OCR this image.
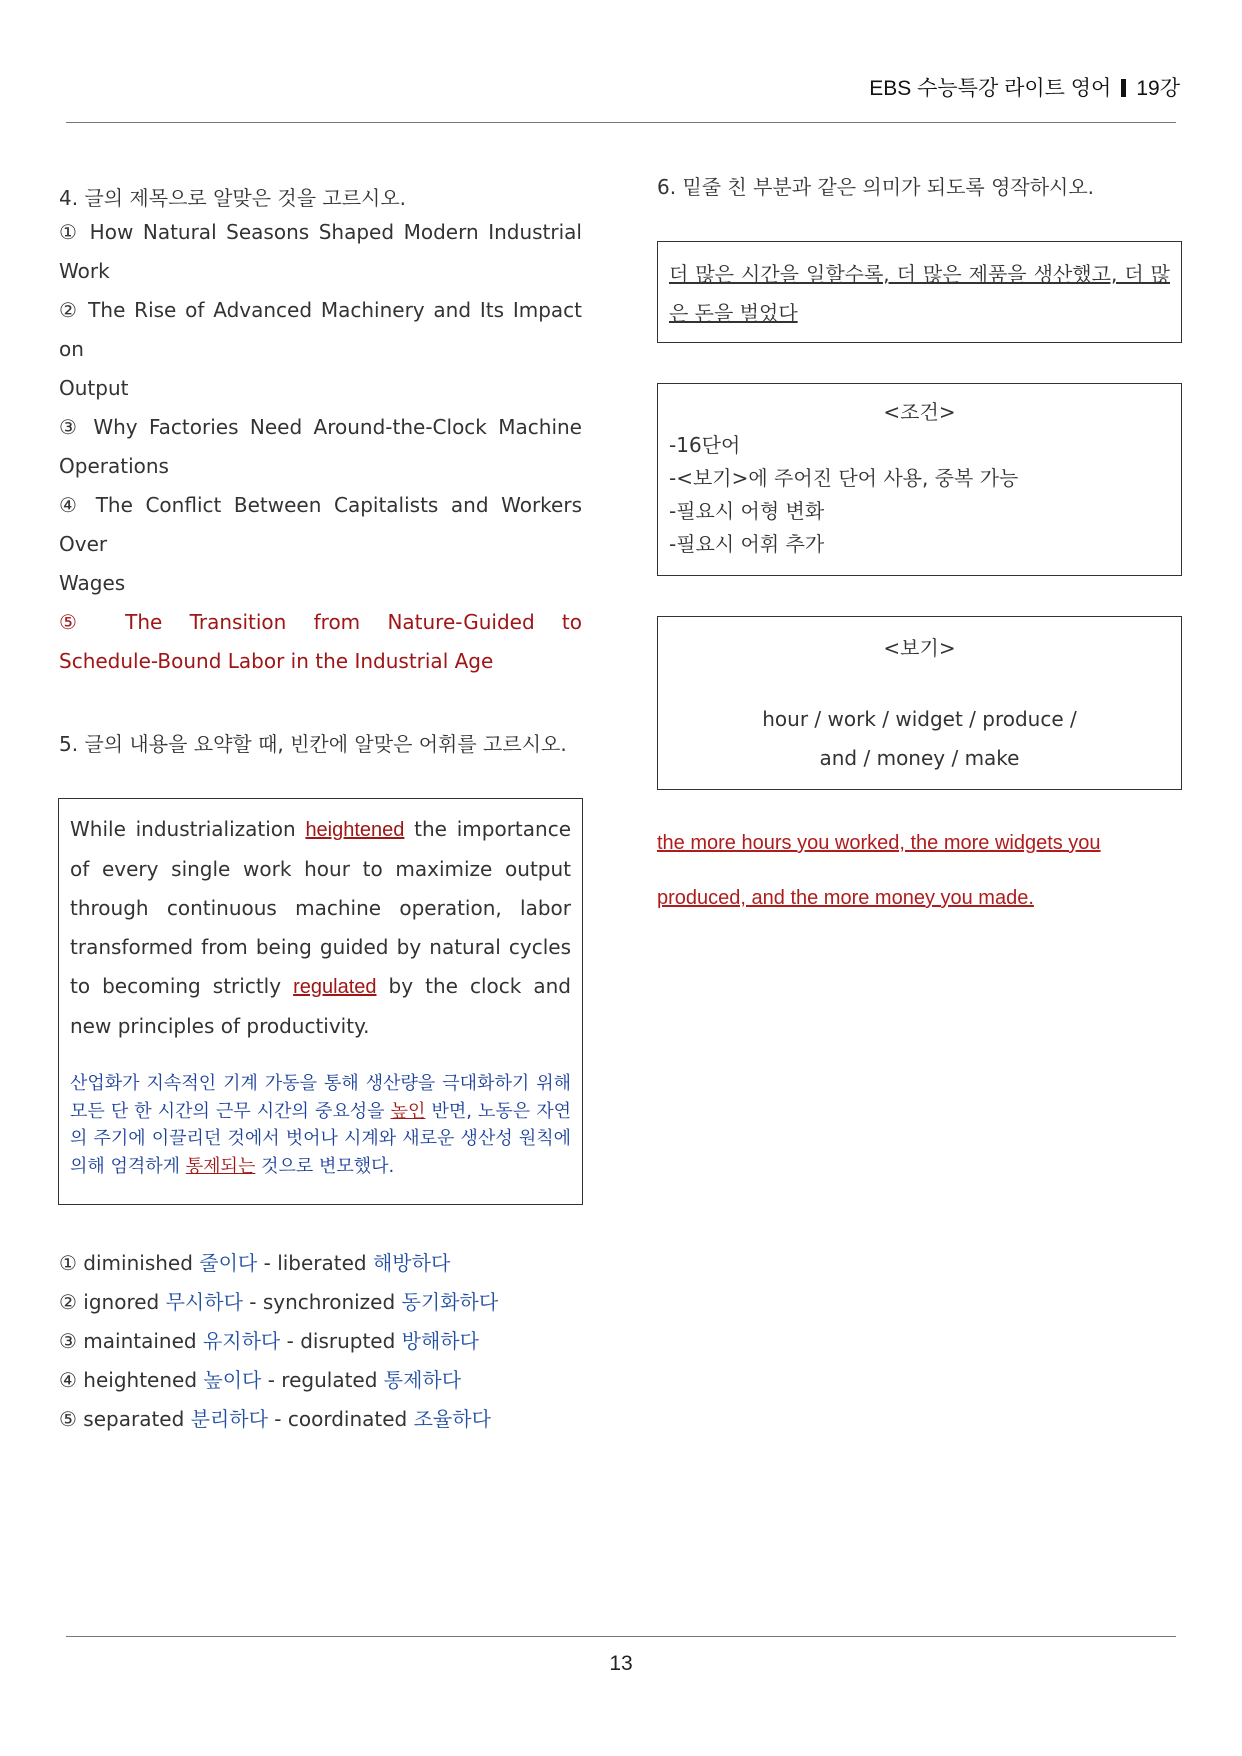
EBS 수능특강 라이트 영어 19강
4. 글의 제목으로 알맞은 것을 고르시오.
① How Natural Seasons Shaped Modern Industrial
Work
② The Rise of Advanced Machinery and Its Impact on
Output
③ Why Factories Need Around-the-Clock Machine
Operations
④ The Conflict Between Capitalists and Workers Over
Wages
⑤ The Transition from Nature-Guided to
Schedule-Bound Labor in the Industrial Age
5. 글의 내용을 요약할 때, 빈칸에 알맞은 어휘를 고르시오.
While industrialization heightened the importance of every single work hour to maximize output through continuous machine operation, labor transformed from being guided by natural cycles to becoming strictly regulated by the clock and new principles of productivity.
산업화가 지속적인 기계 가동을 통해 생산량을 극대화하기 위해 모든 단 한 시간의 근무 시간의 중요성을 높인 반면, 노동은 자연의 주기에 이끌리던 것에서 벗어나 시계와 새로운 생산성 원칙에 의해 엄격하게 통제되는 것으로 변모했다.
① diminished 줄이다 - liberated 해방하다
② ignored 무시하다 - synchronized 동기화하다
③ maintained 유지하다 - disrupted 방해하다
④ heightened 높이다 - regulated 통제하다
⑤ separated 분리하다 - coordinated 조율하다
6. 밑줄 친 부분과 같은 의미가 되도록 영작하시오.
더 많은 시간을 일할수록, 더 많은 제품을 생산했고, 더 많은 돈을 벌었다
<조건>
-16단어
-<보기>에 주어진 단어 사용, 중복 가능
-필요시 어형 변화
-필요시 어휘 추가
<보기>
hour / work / widget / produce /
and / money / make
the more hours you worked, the more widgets you
produced, and the more money you made.
13
